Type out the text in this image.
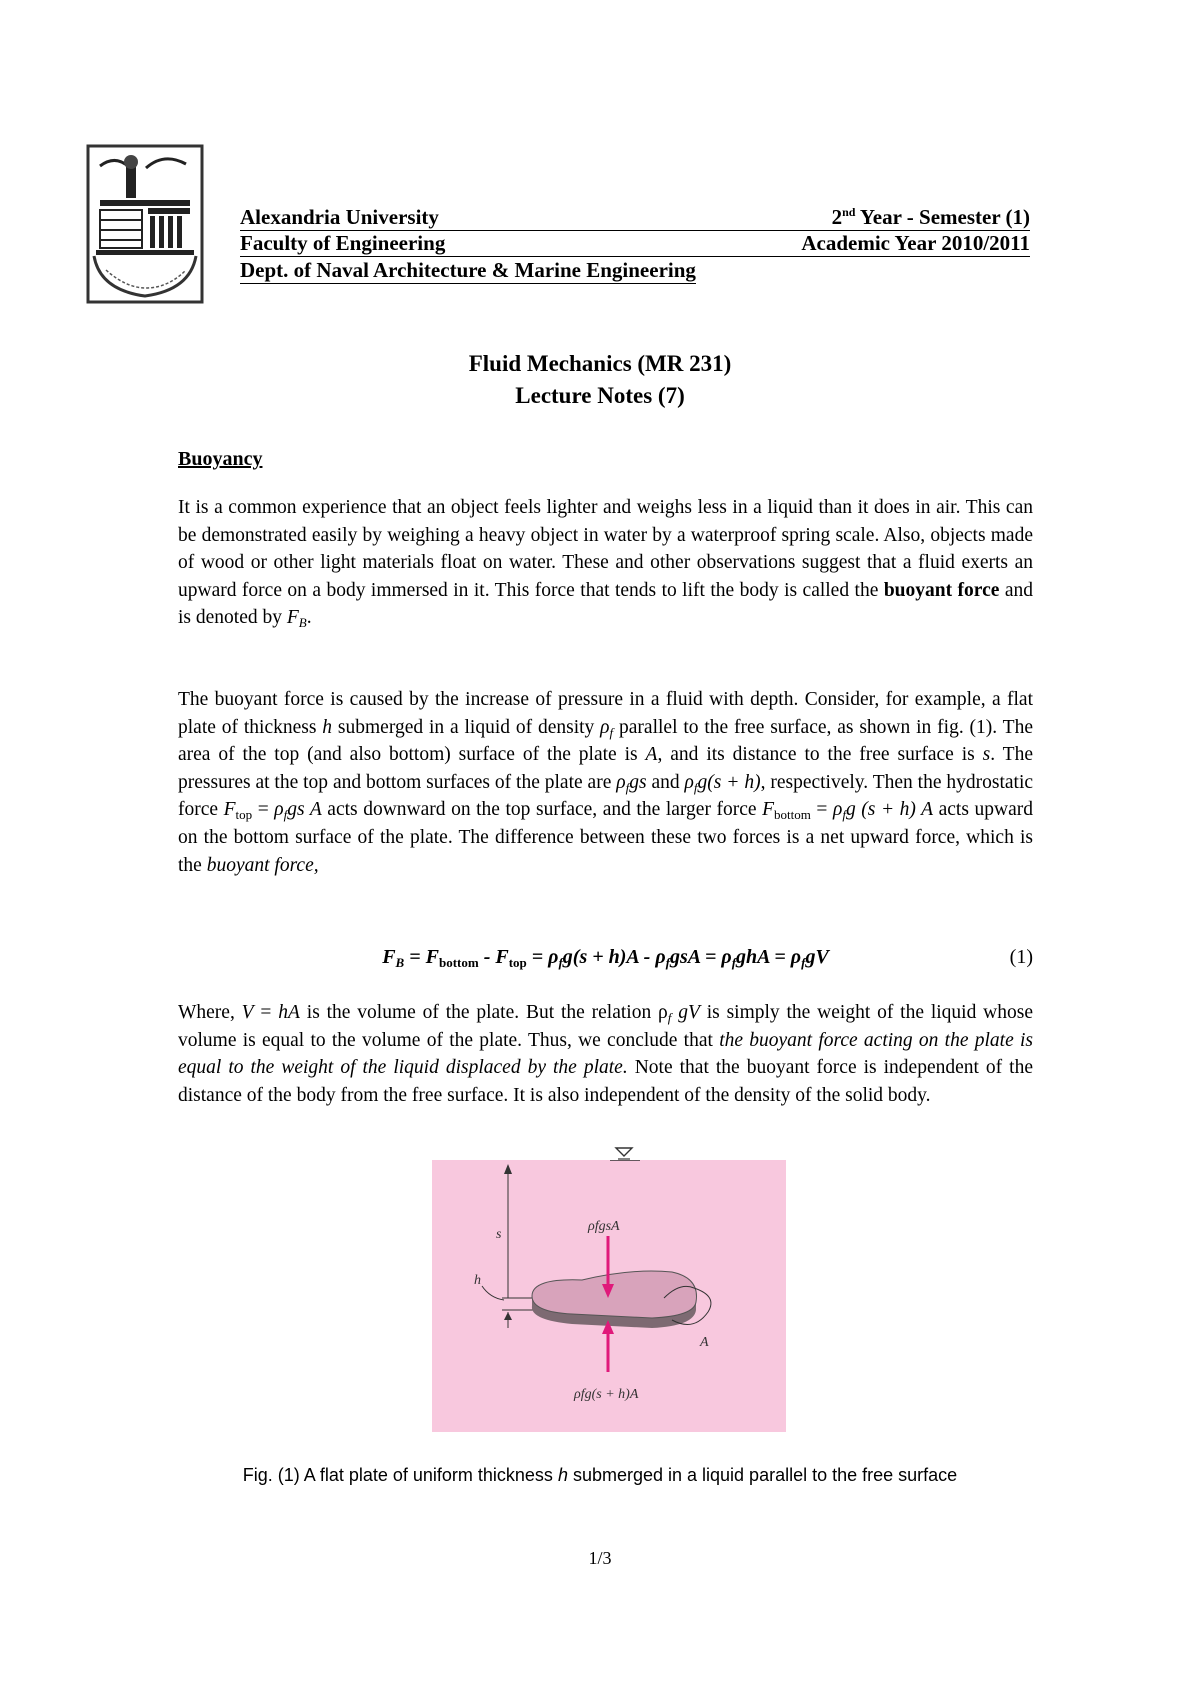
Alexandria University	2nd Year - Semester (1)
Faculty of Engineering	Academic Year 2010/2011
Dept. of Naval Architecture & Marine Engineering
Fluid Mechanics (MR 231)
Lecture Notes (7)
Buoyancy

It is a common experience that an object feels lighter and weighs less in a liquid than it does in air. This can be demonstrated easily by weighing a heavy object in water by a waterproof spring scale. Also, objects made of wood or other light materials float on water. These and other observations suggest that a fluid exerts an upward force on a body immersed in it. This force that tends to lift the body is called the buoyant force and is denoted by $F_B$.

The buoyant force is caused by the increase of pressure in a fluid with depth. Consider, for example, a flat plate of thickness h submerged in a liquid of density $\rho_f$ parallel to the free surface, as shown in fig. (1). The area of the top (and also bottom) surface of the plate is A, and its distance to the free surface is s. The pressures at the top and bottom surfaces of the plate are $\rho_fgs$ and $\rho_fg(s + h)$, respectively. Then the hydrostatic force $F_{top} = \rho_fgs$ A acts downward on the top surface, and the larger force $F_{bottom} = \rho_fg$ (s + h) A acts upward on the bottom surface of the plate. The difference between these two forces is a net upward force, which is the buoyant force,

$F_B = F_{bottom} - F_{top} = \rho_fg(s + h)A - \rho_fgsA = \rho_fghA = \rho_fgV$	(1)

Where, V = hA is the volume of the plate. But the relation $\rho_f$ gV is simply the weight of the liquid whose volume is equal to the volume of the plate. Thus, we conclude that the buoyant force acting on the plate is equal to the weight of the liquid displaced by the plate. Note that the buoyant force is independent of the distance of the body from the free surface. It is also independent of the density of the solid body.

s
h
A
ρfgsA
ρfg(s + h)A
Fig. (1) A flat plate of uniform thickness h submerged in a liquid parallel to the free surface
1/3
